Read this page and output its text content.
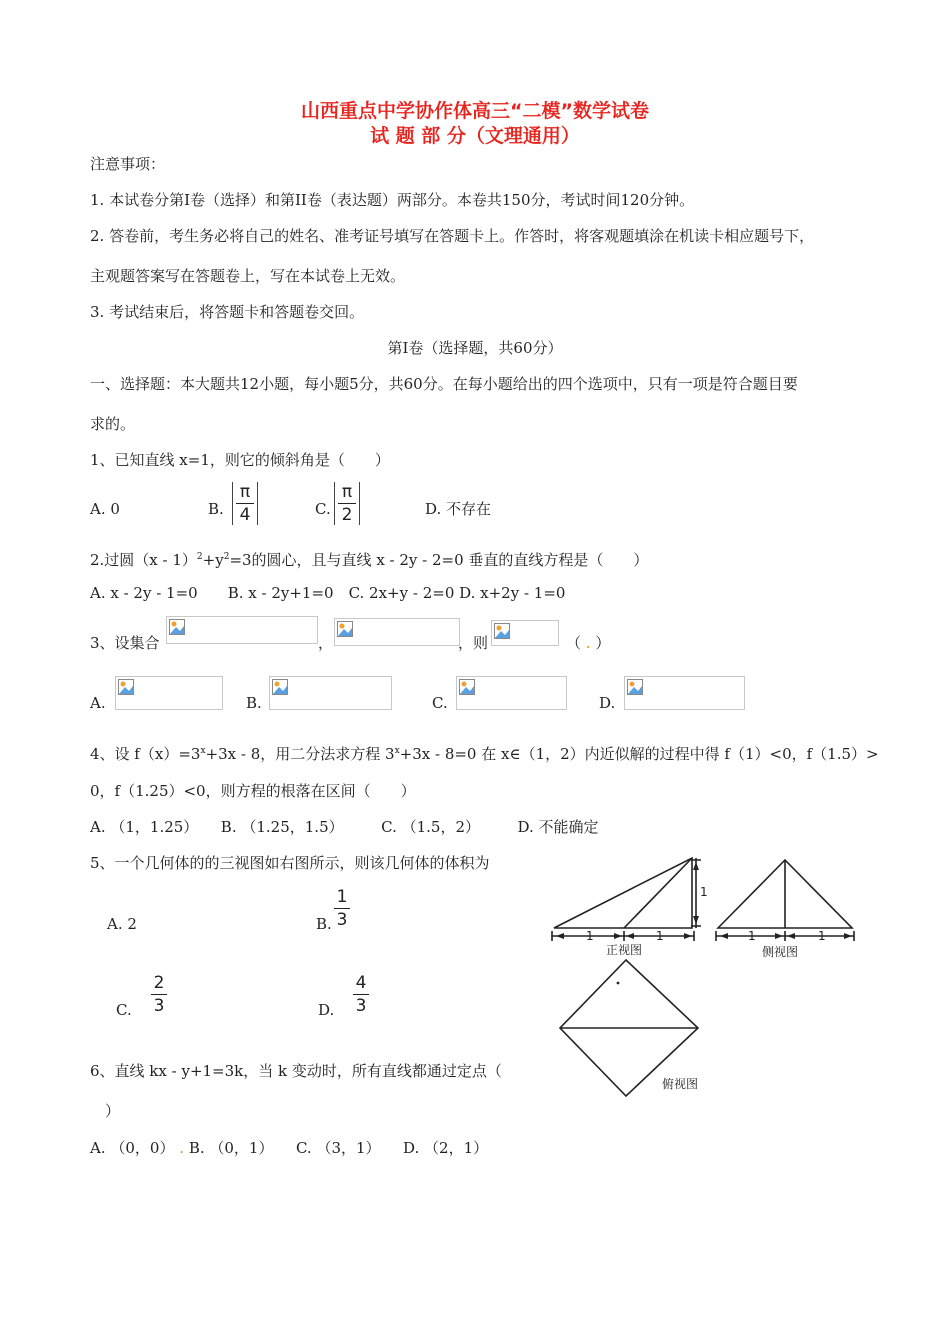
山西重点中学协作体高三“二模”数学试卷
试 题 部 分（文理通用）
注意事项：
1. 本试卷分第Ⅰ卷（选择）和第II卷（表达题）两部分。本卷共150分，考试时间120分钟。
2. 答卷前，考生务必将自己的姓名、准考证号填写在答题卡上。作答时，将客观题填涂在机读卡相应题号下，
主观题答案写在答题卷上，写在本试卷上无效。
3. 考试结束后，将答题卡和答题卷交回。
第Ⅰ卷（选择题，共60分）
一、选择题：本大题共12小题，每小题5分，共60分。在每小题给出的四个选项中，只有一项是符合题目要
求的。
1、已知直线 x=1，则它的倾斜角是（　　）
A. 0	B.
π
4	C.
π
2	D. 不存在
2.过圆$(x - 1)^2+y^2=3$的圆心，且与直线 x - 2y - 2=0 垂直的直线方程是（　　）
A. x - 2y - 1=0　　B. x - 2y+1=0　C. 2x+y - 2=0 D. x+2y - 1=0
3、设集合	，	，则	（ . ）
A.	B.	C.	D.
4、设 $f(x)=3^x+3x - 8$，用二分法求方程 $3^x+3x - 8=0$ 在 x∈（1，2）内近似解的过程中得 f（1）<0，f（1.5）>
0，f（1.25）<0，则方程的根落在区间（　　）
A. （1，1.25）　　B. （1.25，1.5）　　　C. （1.5，2）　　　D. 不能确定
5、一个几何体的的三视图如右图所示，则该几何体的体积为
A. 2	B.
1
3
C.
2
3	D.
4
3
1	1
1
1	1
正视图	侧视图
俯视图
6、直线 kx - y+1=3k，当 k 变动时，所有直线都通过定点（
）
A. （0，0） . B. （0，1）　　C. （3，1）　　D. （2，1）
